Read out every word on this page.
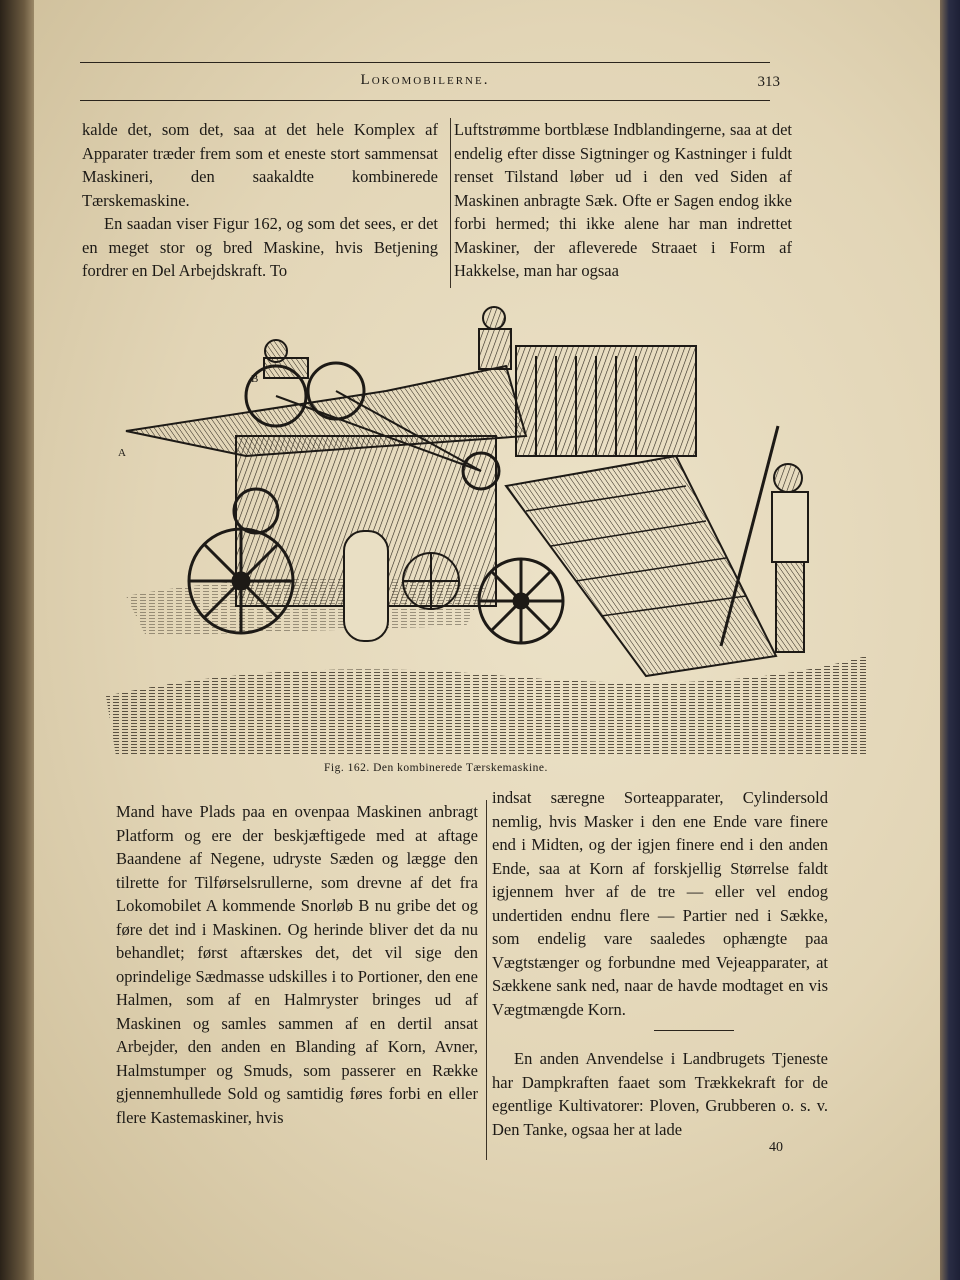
Lokomobilerne.	313

kalde det, som det, saa at det hele Komplex af Apparater træder frem som et eneste stort sammensat Maskineri, den saakaldte kombinerede Tærskemaskine.

En saadan viser Figur 162, og som det sees, er det en meget stor og bred Maskine, hvis Betjening fordrer en Del Arbejdskraft. To

Luftstrømme bortblæse Indblandingerne, saa at det endelig efter disse Sigtninger og Kastninger i fuldt renset Tilstand løber ud i den ved Siden af Maskinen anbragte Sæk. Ofte er Sagen endog ikke forbi hermed; thi ikke alene har man indrettet Maskiner, der afleverede Straaet i Form af Hakkelse, man har ogsaa

B
A
Fig. 162. Den kombinerede Tærskemaskine.

Mand have Plads paa en ovenpaa Maskinen anbragt Platform og ere der beskjæftigede med at aftage Baandene af Negene, udryste Sæden og lægge den tilrette for Tilførselsrullerne, som drevne af det fra Lokomobilet A kommende Snorløb B nu gribe det og føre det ind i Maskinen. Og herinde bliver det da nu behandlet; først aftærskes det, det vil sige den oprindelige Sædmasse udskilles i to Portioner, den ene Halmen, som af en Halmryster bringes ud af Maskinen og samles sammen af en dertil ansat Arbejder, den anden en Blanding af Korn, Avner, Halmstumper og Smuds, som passerer en Række gjennemhullede Sold og samtidig føres forbi en eller flere Kastemaskiner, hvis

indsat særegne Sorteapparater, Cylindersold nemlig, hvis Masker i den ene Ende vare finere end i Midten, og der igjen finere end i den anden Ende, saa at Korn af forskjellig Størrelse faldt igjennem hver af de tre — eller vel endog undertiden endnu flere — Partier ned i Sække, som endelig vare saaledes ophængte paa Vægtstænger og forbundne med Vejeapparater, at Sækkene sank ned, naar de havde modtaget en vis Vægtmængde Korn.

En anden Anvendelse i Landbrugets Tjeneste har Dampkraften faaet som Trækkekraft for de egentlige Kultivatorer: Ploven, Grubberen o. s. v. Den Tanke, ogsaa her at lade

40
